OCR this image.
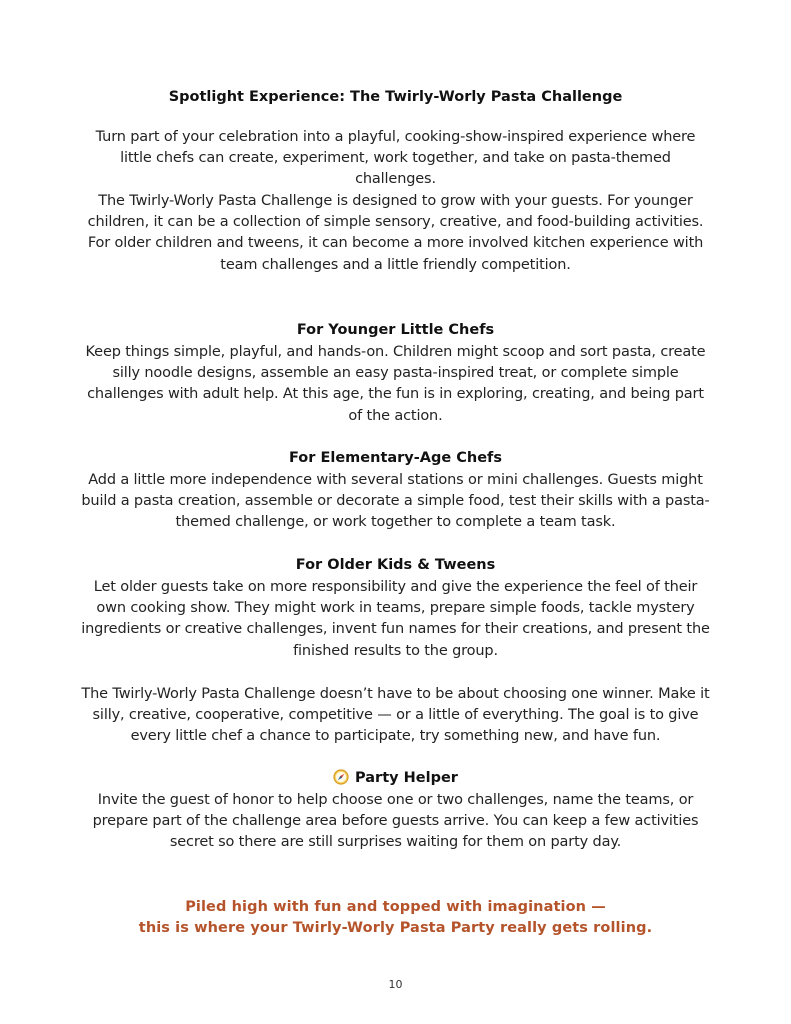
Spotlight Experience: The Twirly-Worly Pasta Challenge
Turn part of your celebration into a playful, cooking-show-inspired experience where little chefs can create, experiment, work together, and take on pasta-themed challenges.
The Twirly-Worly Pasta Challenge is designed to grow with your guests. For younger children, it can be a collection of simple sensory, creative, and food-building activities. For older children and tweens, it can become a more involved kitchen experience with team challenges and a little friendly competition.
For Younger Little Chefs
Keep things simple, playful, and hands-on. Children might scoop and sort pasta, create silly noodle designs, assemble an easy pasta-inspired treat, or complete simple challenges with adult help. At this age, the fun is in exploring, creating, and being part of the action.
For Elementary-Age Chefs
Add a little more independence with several stations or mini challenges. Guests might build a pasta creation, assemble or decorate a simple food, test their skills with a pasta-themed challenge, or work together to complete a team task.
For Older Kids & Tweens
Let older guests take on more responsibility and give the experience the feel of their own cooking show. They might work in teams, prepare simple foods, tackle mystery ingredients or creative challenges, invent fun names for their creations, and present the finished results to the group.
The Twirly-Worly Pasta Challenge doesn’t have to be about choosing one winner. Make it silly, creative, cooperative, competitive — or a little of everything. The goal is to give every little chef a chance to participate, try something new, and have fun.
Party Helper
Invite the guest of honor to help choose one or two challenges, name the teams, or prepare part of the challenge area before guests arrive. You can keep a few activities secret so there are still surprises waiting for them on party day.
Piled high with fun and topped with imagination —
this is where your Twirly-Worly Pasta Party really gets rolling.
10
